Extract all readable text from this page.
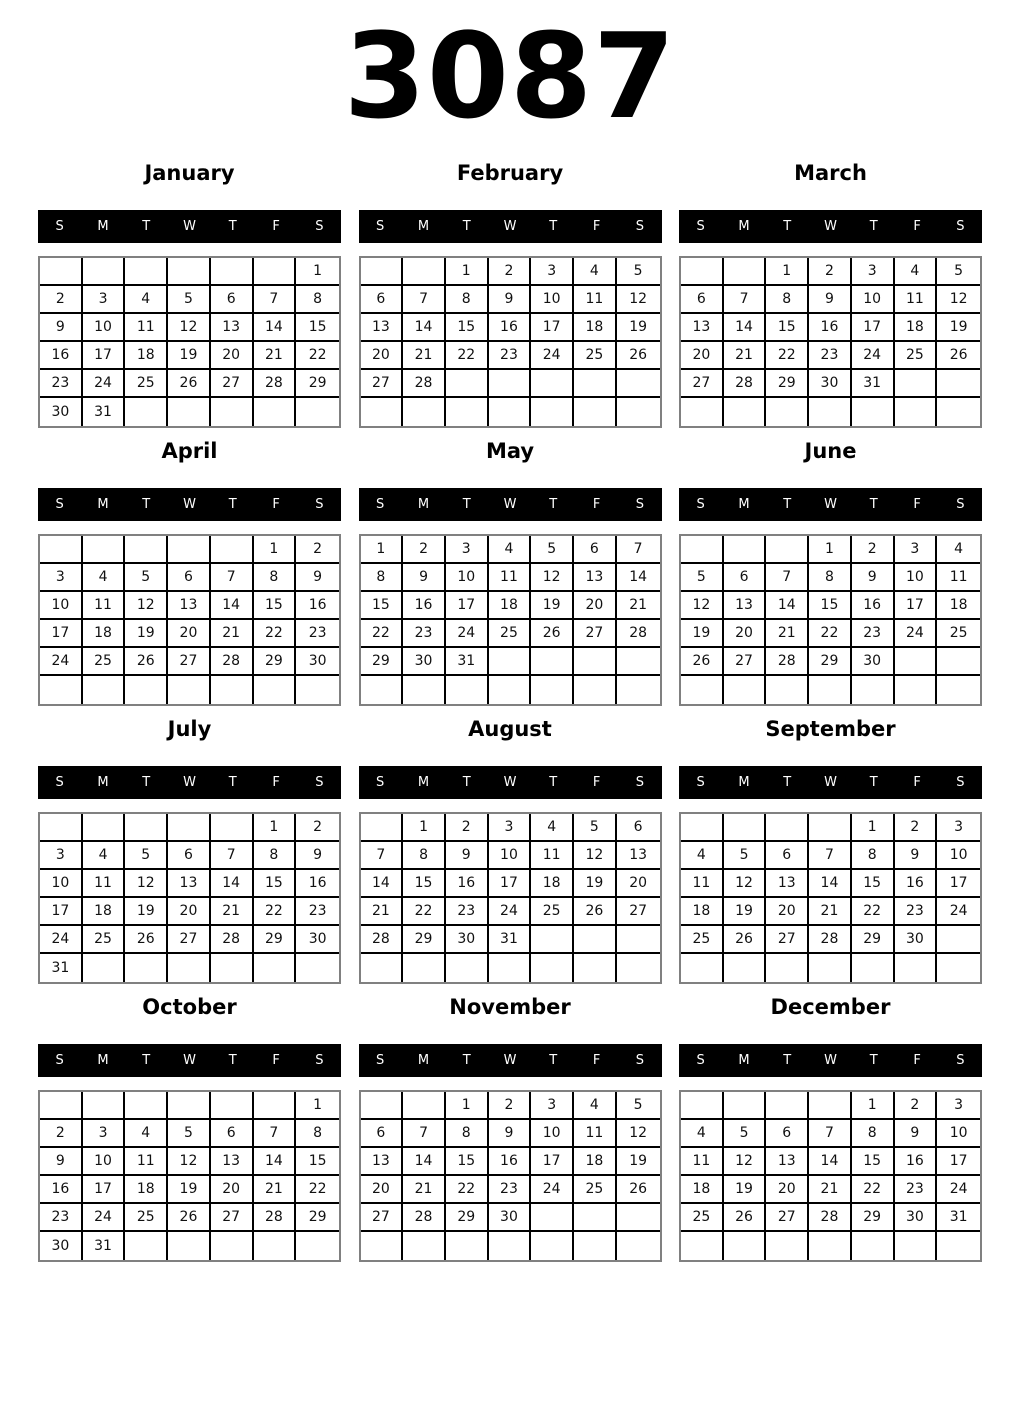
3087
January
S	M	T	W	T	F	S
						1
2	3	4	5	6	7	8
9	10	11	12	13	14	15
16	17	18	19	20	21	22
23	24	25	26	27	28	29
30	31					
February
S	M	T	W	T	F	S
		1	2	3	4	5
6	7	8	9	10	11	12
13	14	15	16	17	18	19
20	21	22	23	24	25	26
27	28					

March
S	M	T	W	T	F	S
		1	2	3	4	5
6	7	8	9	10	11	12
13	14	15	16	17	18	19
20	21	22	23	24	25	26
27	28	29	30	31		

April
S	M	T	W	T	F	S
					1	2
3	4	5	6	7	8	9
10	11	12	13	14	15	16
17	18	19	20	21	22	23
24	25	26	27	28	29	30

May
S	M	T	W	T	F	S
1	2	3	4	5	6	7
8	9	10	11	12	13	14
15	16	17	18	19	20	21
22	23	24	25	26	27	28
29	30	31				

June
S	M	T	W	T	F	S
			1	2	3	4
5	6	7	8	9	10	11
12	13	14	15	16	17	18
19	20	21	22	23	24	25
26	27	28	29	30		

July
S	M	T	W	T	F	S
					1	2
3	4	5	6	7	8	9
10	11	12	13	14	15	16
17	18	19	20	21	22	23
24	25	26	27	28	29	30
31						
August
S	M	T	W	T	F	S
	1	2	3	4	5	6
7	8	9	10	11	12	13
14	15	16	17	18	19	20
21	22	23	24	25	26	27
28	29	30	31			

September
S	M	T	W	T	F	S
				1	2	3
4	5	6	7	8	9	10
11	12	13	14	15	16	17
18	19	20	21	22	23	24
25	26	27	28	29	30	

October
S	M	T	W	T	F	S
						1
2	3	4	5	6	7	8
9	10	11	12	13	14	15
16	17	18	19	20	21	22
23	24	25	26	27	28	29
30	31					
November
S	M	T	W	T	F	S
		1	2	3	4	5
6	7	8	9	10	11	12
13	14	15	16	17	18	19
20	21	22	23	24	25	26
27	28	29	30			

December
S	M	T	W	T	F	S
				1	2	3
4	5	6	7	8	9	10
11	12	13	14	15	16	17
18	19	20	21	22	23	24
25	26	27	28	29	30	31
